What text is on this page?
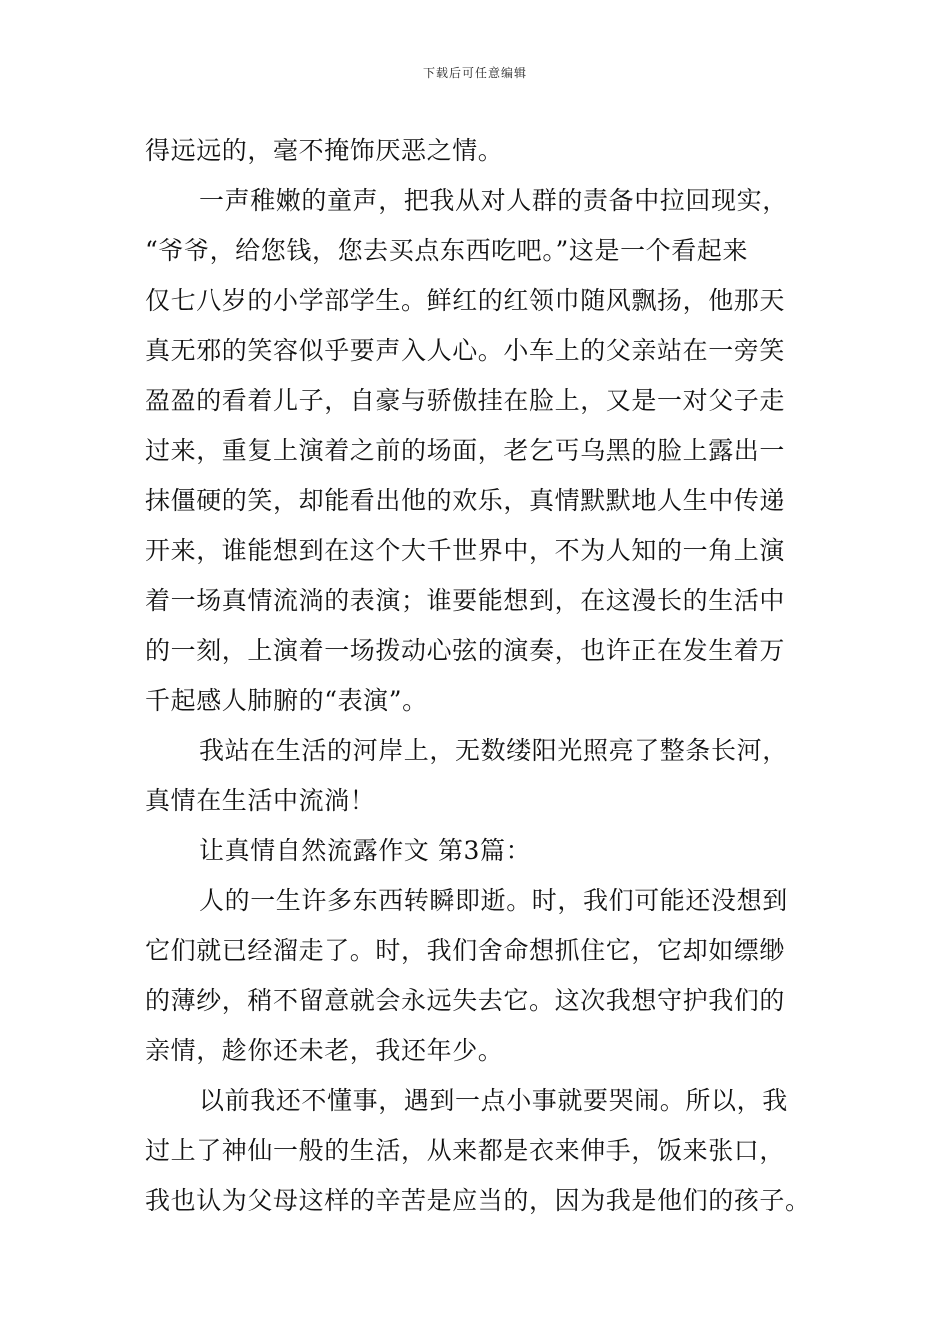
下载后可任意编辑
得远远的，毫不掩饰厌恶之情。
一声稚嫩的童声，把我从对人群的责备中拉回现实，
“爷爷，给您钱，您去买点东西吃吧。”这是一个看起来
仅七八岁的小学部学生。鲜红的红领巾随风飘扬，他那天
真无邪的笑容似乎要声入人心。小车上的父亲站在一旁笑
盈盈的看着儿子，自豪与骄傲挂在脸上，又是一对父子走
过来，重复上演着之前的场面，老乞丐乌黑的脸上露出一
抹僵硬的笑，却能看出他的欢乐，真情默默地人生中传递
开来，谁能想到在这个大千世界中，不为人知的一角上演
着一场真情流淌的表演；谁要能想到，在这漫长的生活中
的一刻，上演着一场拨动心弦的演奏，也许正在发生着万
千起感人肺腑的“表演”。
我站在生活的河岸上，无数缕阳光照亮了整条长河，
真情在生活中流淌！
让真情自然流露作文 第3篇：
人的一生许多东西转瞬即逝。时，我们可能还没想到
它们就已经溜走了。时，我们舍命想抓住它，它却如缥缈
的薄纱，稍不留意就会永远失去它。这次我想守护我们的
亲情，趁你还未老，我还年少。
以前我还不懂事，遇到一点小事就要哭闹。所以，我
过上了神仙一般的生活，从来都是衣来伸手，饭来张口，
我也认为父母这样的辛苦是应当的，因为我是他们的孩子。
